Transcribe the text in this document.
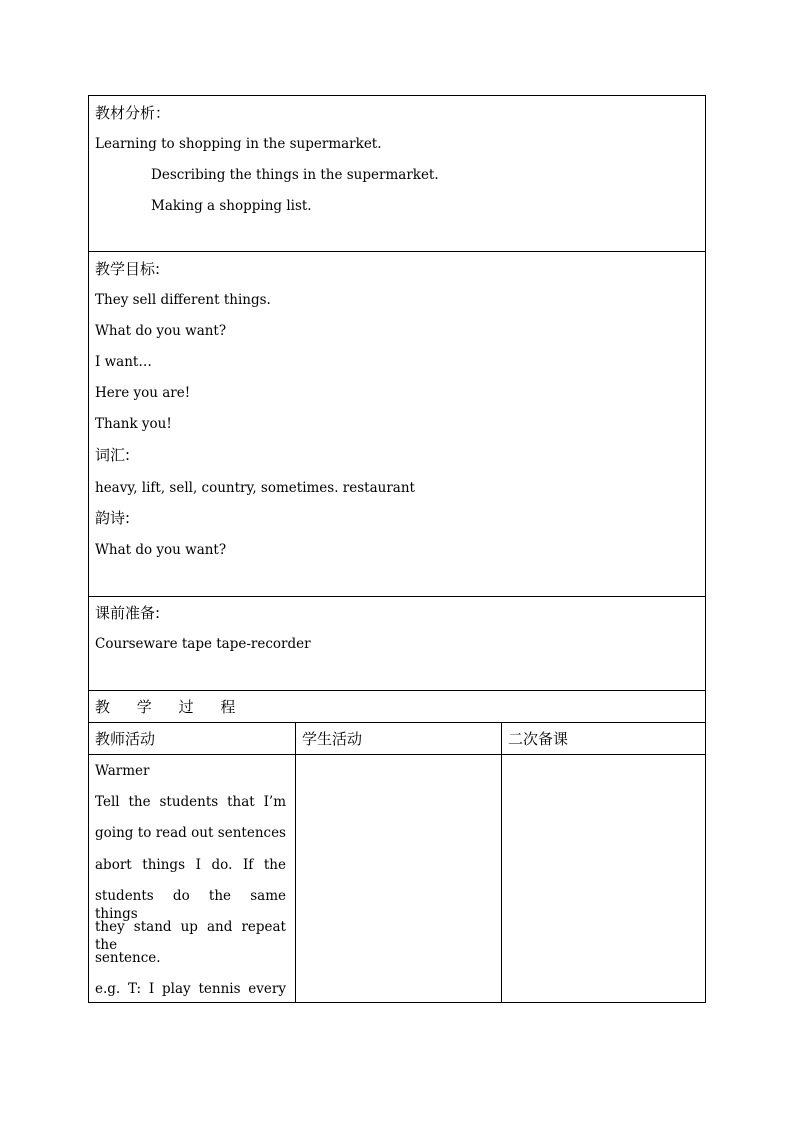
教材分析：
Learning to shopping in the supermarket.
Describing the things in the supermarket.
Making a shopping list.
教学目标:
They sell different things.
What do you want?
I want…
Here you are!
Thank you!
词汇:
heavy, lift, sell, country, sometimes. restaurant
韵诗:
What do you want?
课前准备:
Courseware tape tape-recorder
教 学 过 程
教师活动	学生活动	二次备课
Warmer
Tell the students that I’m
going to read out sentences
abort things I do. If the
students do the same things
they stand up and repeat the
sentence.
e.g. T: I play tennis every
